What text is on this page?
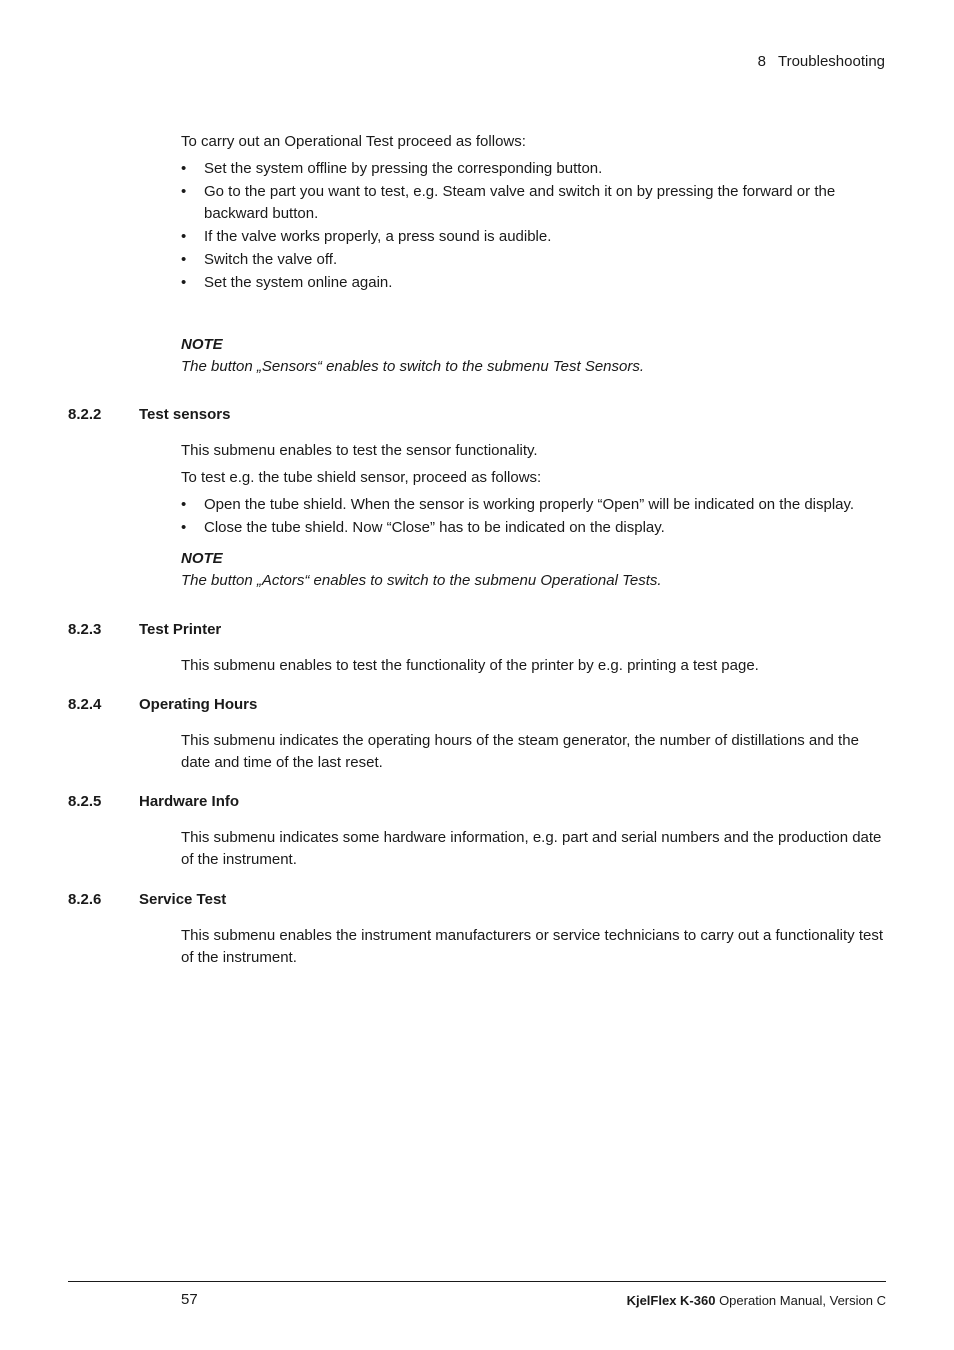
8 Troubleshooting

To carry out an Operational Test proceed as follows:

• Set the system offline by pressing the corresponding button.
• Go to the part you want to test, e.g. Steam valve and switch it on by pressing the forward or the backward button.
• If the valve works properly, a press sound is audible.
• Switch the valve off.
• Set the system online again.

NOTE

The button „Sensors“ enables to switch to the submenu Test Sensors.

8.2.2	Test sensors

This submenu enables to test the sensor functionality.

To test e.g. the tube shield sensor, proceed as follows:

• Open the tube shield. When the sensor is working properly “Open” will be indicated on the display.
• Close the tube shield. Now “Close” has to be indicated on the display.

NOTE

The button „Actors“ enables to switch to the submenu Operational Tests.

8.2.3	Test Printer
This submenu enables to test the functionality of the printer by e.g. printing a test page.
8.2.4	Operating Hours
This submenu indicates the operating hours of the steam generator, the number of distillations and the date and time of the last reset.
8.2.5	Hardware Info
This submenu indicates some hardware information, e.g. part and serial numbers and the production date of the instrument.
8.2.6	Service Test
This submenu enables the instrument manufacturers or service technicians to carry out a functionality test of the instrument.
57	KjelFlex K-360 Operation Manual, Version C
